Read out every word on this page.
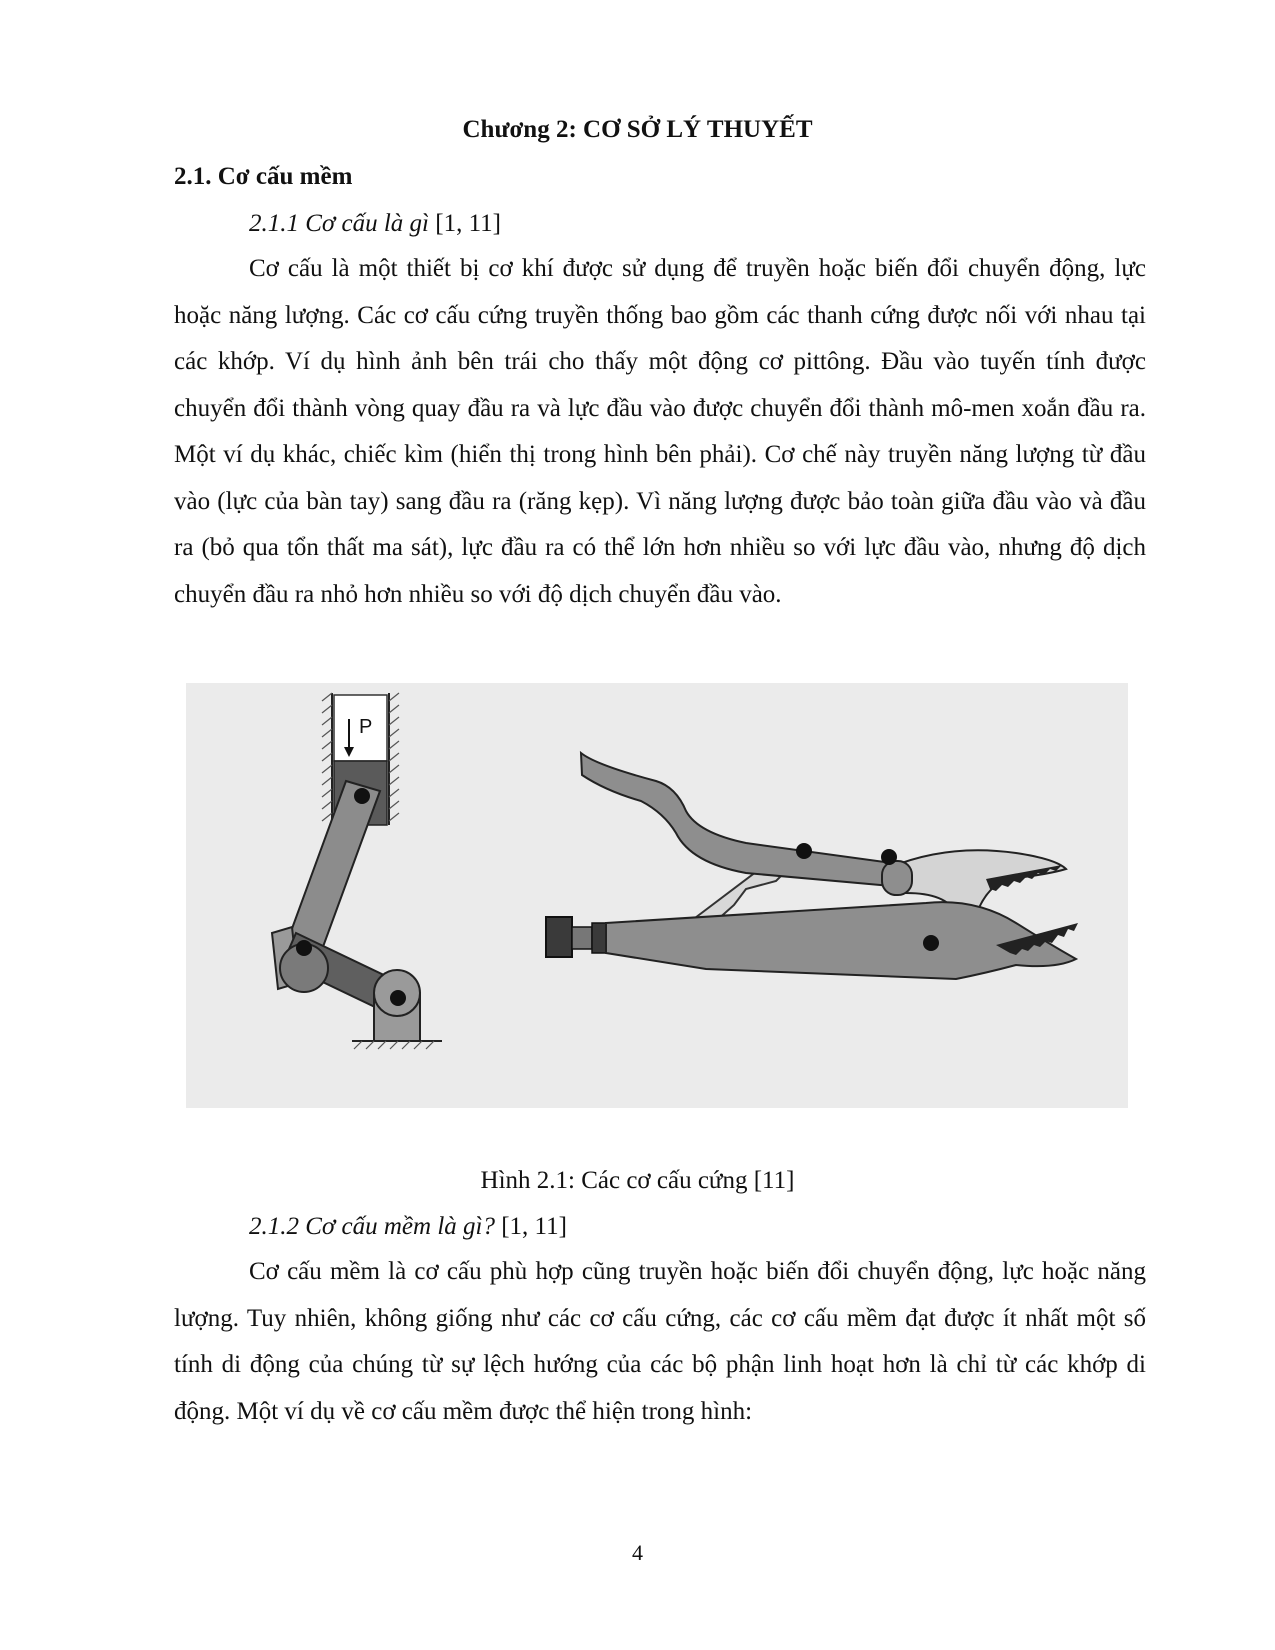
Chương 2: CƠ SỞ LÝ THUYẾT
2.1. Cơ cấu mềm
2.1.1 Cơ cấu là gì [1, 11]

Cơ cấu là một thiết bị cơ khí được sử dụng để truyền hoặc biến đổi chuyển động, lực hoặc năng lượng. Các cơ cấu cứng truyền thống bao gồm các thanh cứng được nối với nhau tại các khớp. Ví dụ hình ảnh bên trái cho thấy một động cơ pittông. Đầu vào tuyến tính được chuyển đổi thành vòng quay đầu ra và lực đầu vào được chuyển đổi thành mô-men xoắn đầu ra. Một ví dụ khác, chiếc kìm (hiển thị trong hình bên phải). Cơ chế này truyền năng lượng từ đầu vào (lực của bàn tay) sang đầu ra (răng kẹp). Vì năng lượng được bảo toàn giữa đầu vào và đầu ra (bỏ qua tổn thất ma sát), lực đầu ra có thể lớn hơn nhiều so với lực đầu vào, nhưng độ dịch chuyển đầu ra nhỏ hơn nhiều so với độ dịch chuyển đầu vào.

P
Hình 2.1: Các cơ cấu cứng [11]
2.1.2 Cơ cấu mềm là gì? [1, 11]

Cơ cấu mềm là cơ cấu phù hợp cũng truyền hoặc biến đổi chuyển động, lực hoặc năng lượng. Tuy nhiên, không giống như các cơ cấu cứng, các cơ cấu mềm đạt được ít nhất một số tính di động của chúng từ sự lệch hướng của các bộ phận linh hoạt hơn là chỉ từ các khớp di động. Một ví dụ về cơ cấu mềm được thể hiện trong hình:

4
